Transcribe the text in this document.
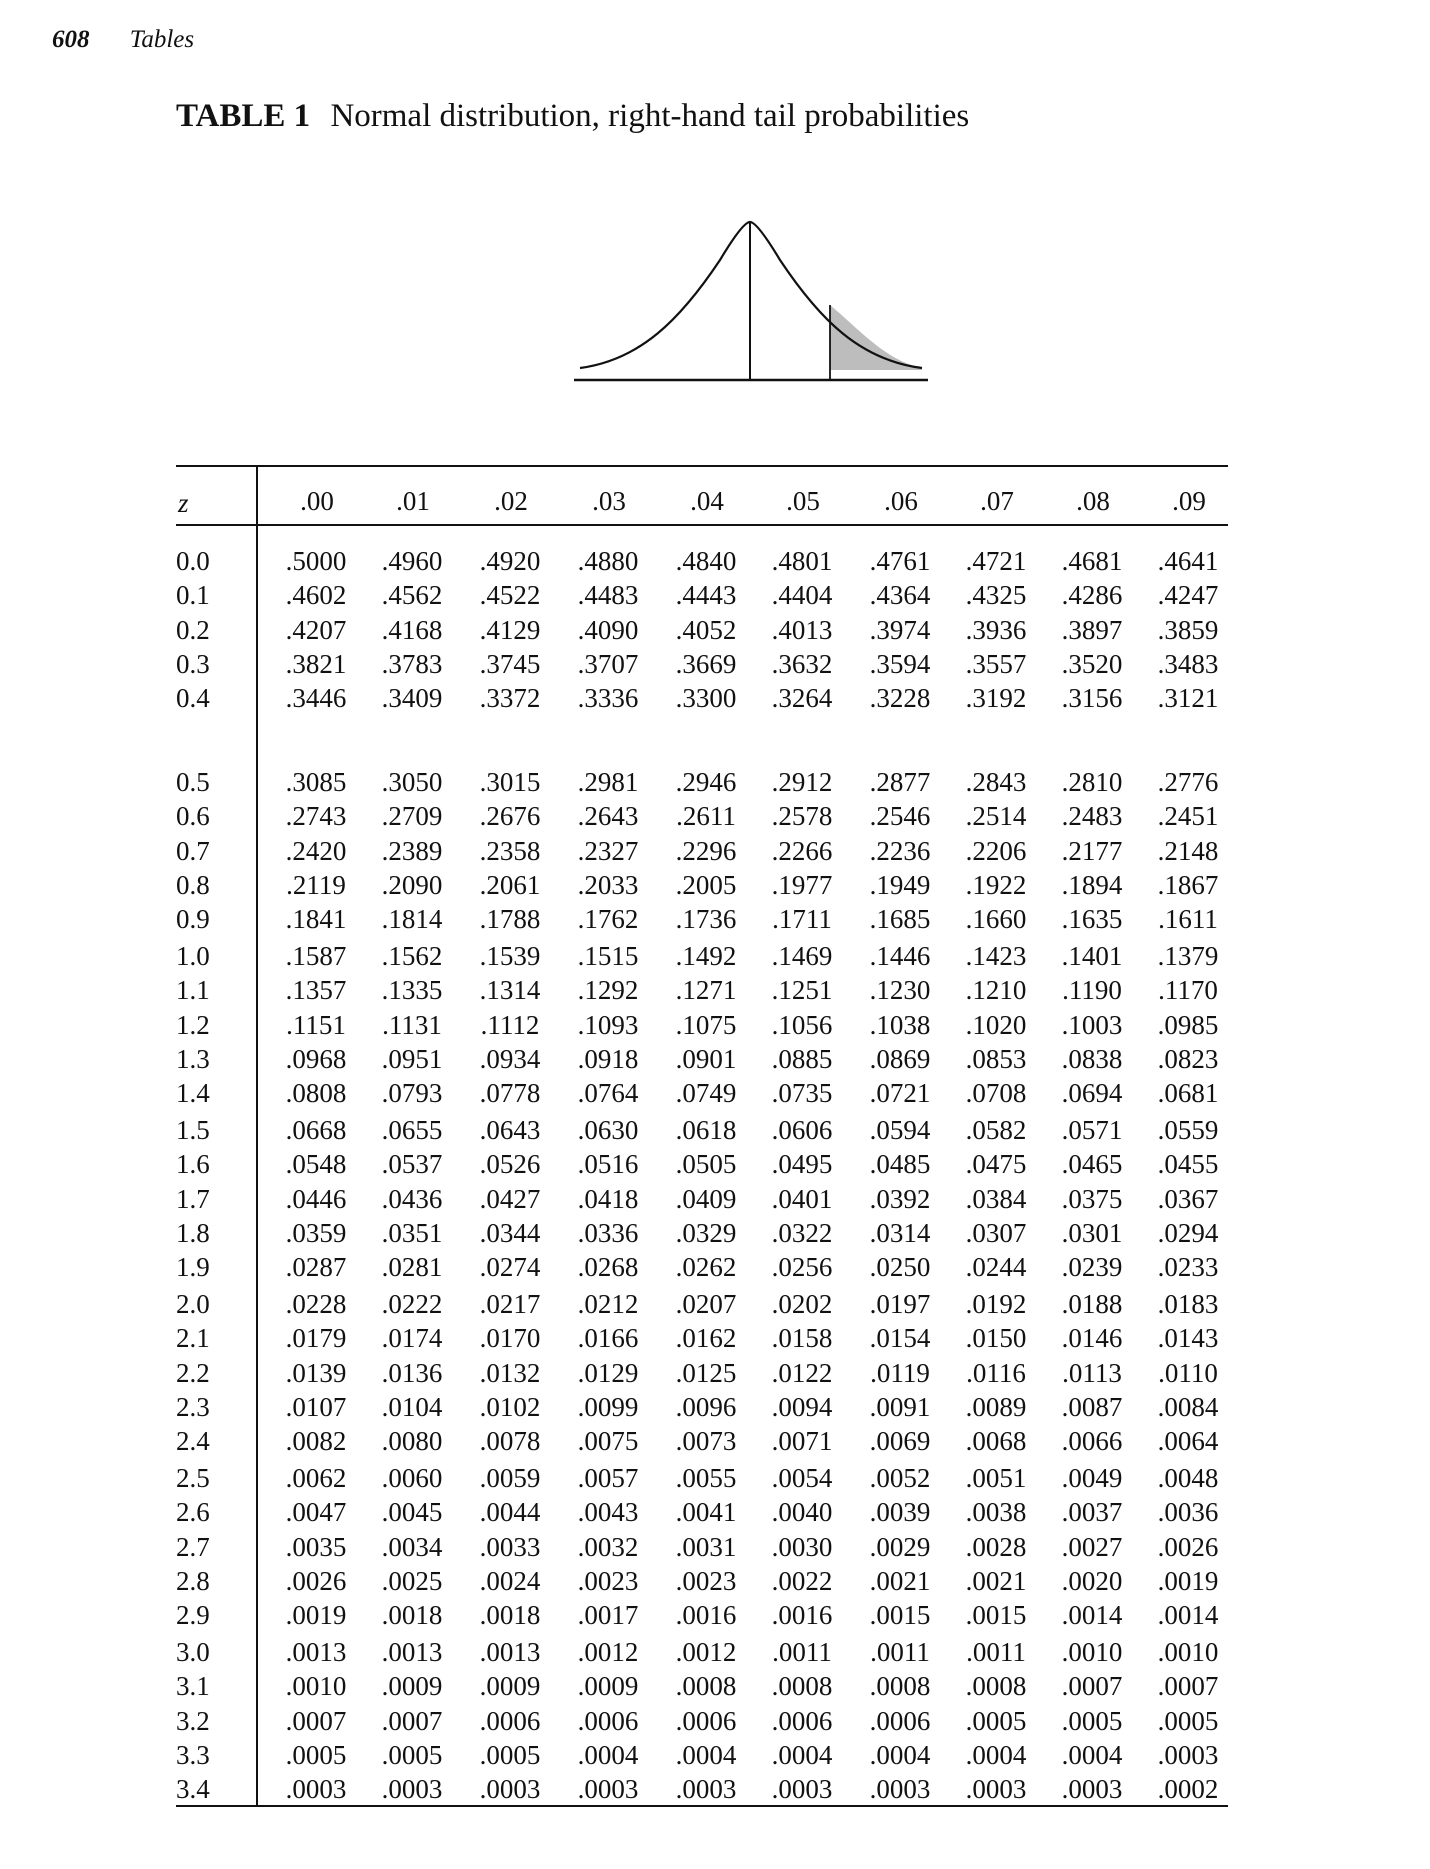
608 Tables
TABLE 1 Normal distribution, right-hand tail probabilities
z	.00	.01	.02	.03	.04	.05	.06	.07	.08	.09
0.0	.5000	.4960	.4920	.4880	.4840	.4801	.4761	.4721	.4681	.4641
0.1	.4602	.4562	.4522	.4483	.4443	.4404	.4364	.4325	.4286	.4247
0.2	.4207	.4168	.4129	.4090	.4052	.4013	.3974	.3936	.3897	.3859
0.3	.3821	.3783	.3745	.3707	.3669	.3632	.3594	.3557	.3520	.3483
0.4	.3446	.3409	.3372	.3336	.3300	.3264	.3228	.3192	.3156	.3121
0.5	.3085	.3050	.3015	.2981	.2946	.2912	.2877	.2843	.2810	.2776
0.6	.2743	.2709	.2676	.2643	.2611	.2578	.2546	.2514	.2483	.2451
0.7	.2420	.2389	.2358	.2327	.2296	.2266	.2236	.2206	.2177	.2148
0.8	.2119	.2090	.2061	.2033	.2005	.1977	.1949	.1922	.1894	.1867
0.9	.1841	.1814	.1788	.1762	.1736	.1711	.1685	.1660	.1635	.1611
1.0	.1587	.1562	.1539	.1515	.1492	.1469	.1446	.1423	.1401	.1379
1.1	.1357	.1335	.1314	.1292	.1271	.1251	.1230	.1210	.1190	.1170
1.2	.1151	.1131	.1112	.1093	.1075	.1056	.1038	.1020	.1003	.0985
1.3	.0968	.0951	.0934	.0918	.0901	.0885	.0869	.0853	.0838	.0823
1.4	.0808	.0793	.0778	.0764	.0749	.0735	.0721	.0708	.0694	.0681
1.5	.0668	.0655	.0643	.0630	.0618	.0606	.0594	.0582	.0571	.0559
1.6	.0548	.0537	.0526	.0516	.0505	.0495	.0485	.0475	.0465	.0455
1.7	.0446	.0436	.0427	.0418	.0409	.0401	.0392	.0384	.0375	.0367
1.8	.0359	.0351	.0344	.0336	.0329	.0322	.0314	.0307	.0301	.0294
1.9	.0287	.0281	.0274	.0268	.0262	.0256	.0250	.0244	.0239	.0233
2.0	.0228	.0222	.0217	.0212	.0207	.0202	.0197	.0192	.0188	.0183
2.1	.0179	.0174	.0170	.0166	.0162	.0158	.0154	.0150	.0146	.0143
2.2	.0139	.0136	.0132	.0129	.0125	.0122	.0119	.0116	.0113	.0110
2.3	.0107	.0104	.0102	.0099	.0096	.0094	.0091	.0089	.0087	.0084
2.4	.0082	.0080	.0078	.0075	.0073	.0071	.0069	.0068	.0066	.0064
2.5	.0062	.0060	.0059	.0057	.0055	.0054	.0052	.0051	.0049	.0048
2.6	.0047	.0045	.0044	.0043	.0041	.0040	.0039	.0038	.0037	.0036
2.7	.0035	.0034	.0033	.0032	.0031	.0030	.0029	.0028	.0027	.0026
2.8	.0026	.0025	.0024	.0023	.0023	.0022	.0021	.0021	.0020	.0019
2.9	.0019	.0018	.0018	.0017	.0016	.0016	.0015	.0015	.0014	.0014
3.0	.0013	.0013	.0013	.0012	.0012	.0011	.0011	.0011	.0010	.0010
3.1	.0010	.0009	.0009	.0009	.0008	.0008	.0008	.0008	.0007	.0007
3.2	.0007	.0007	.0006	.0006	.0006	.0006	.0006	.0005	.0005	.0005
3.3	.0005	.0005	.0005	.0004	.0004	.0004	.0004	.0004	.0004	.0003
3.4	.0003	.0003	.0003	.0003	.0003	.0003	.0003	.0003	.0003	.0002
